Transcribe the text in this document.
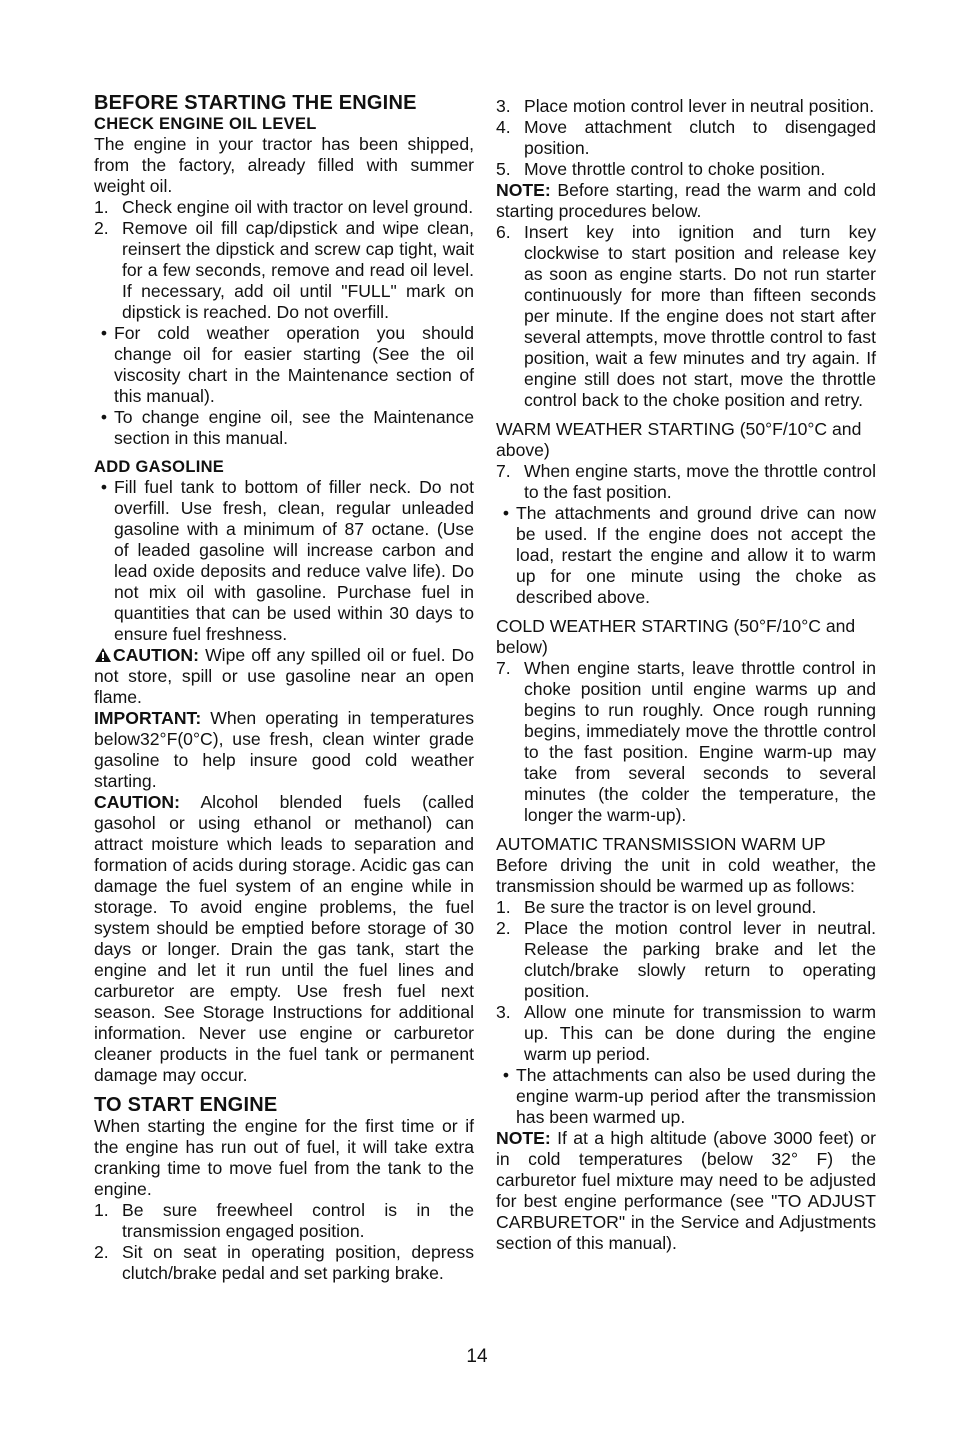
BEFORE STARTING THE ENGINE
CHECK ENGINE OIL LEVEL

The engine in your tractor has been shipped, from the factory, already filled with summer weight oil.

1. Check engine oil with tractor on level ground.
2. Remove oil fill cap/dipstick and wipe clean, reinsert the dipstick and screw cap tight, wait for a few seconds, remove and read oil level. If necessary, add oil until "FULL" mark on dipstick is reached. Do not overfill.
• For cold weather operation you should change oil for easier starting (See the oil viscosity chart in the Maintenance section of this manual).
• To change engine oil, see the Maintenance section in this manual.
ADD GASOLINE
• Fill fuel tank to bottom of filler neck. Do not overfill. Use fresh, clean, regular unleaded gasoline with a minimum of 87 octane. (Use of leaded gasoline will increase carbon and lead oxide deposits and reduce valve life). Do not mix oil with gasoline. Purchase fuel in quantities that can be used within 30 days to ensure fuel freshness.

CAUTION: Wipe off any spilled oil or fuel. Do not store, spill or use gasoline near an open flame.

IMPORTANT: When operating in temperatures below32°F(0°C), use fresh, clean winter grade gasoline to help insure good cold weather starting.

CAUTION: Alcohol blended fuels (called gasohol or using ethanol or methanol) can attract moisture which leads to separation and formation of acids during storage. Acidic gas can damage the fuel system of an engine while in storage. To avoid engine problems, the fuel system should be emptied before storage of 30 days or longer. Drain the gas tank, start the engine and let it run until the fuel lines and carburetor are empty. Use fresh fuel next season. See Storage Instructions for additional information. Never use engine or carburetor cleaner products in the fuel tank or permanent damage may occur.

TO START ENGINE

When starting the engine for the first time or if the engine has run out of fuel, it will take extra cranking time to move fuel from the tank to the engine.

1. Be sure freewheel control is in the transmission engaged position.
2. Sit on seat in operating position, depress clutch/brake pedal and set parking brake.
3. Place motion control lever in neutral position.
4. Move attachment clutch to disengaged position.
5. Move throttle control to choke position.

NOTE: Before starting, read the warm and cold starting procedures below.

6. Insert key into ignition and turn key clockwise to start position and release key as soon as engine starts. Do not run starter continuously for more than fifteen seconds per minute. If the engine does not start after several attempts, move throttle control to fast position, wait a few minutes and try again. If engine still does not start, move the throttle control back to the choke position and retry.
WARM WEATHER STARTING (50°F/10°C and above)
7. When engine starts, move the throttle control to the fast position.
• The attachments and ground drive can now be used. If the engine does not accept the load, restart the engine and allow it to warm up for one minute using the choke as described above.
COLD WEATHER STARTING (50°F/10°C and below)
7. When engine starts, leave throttle control in choke position until engine warms up and begins to run roughly. Once rough running begins, immediately move the throttle control to the fast position. Engine warm-up may take from several seconds to several minutes (the colder the temperature, the longer the warm-up).
AUTOMATIC TRANSMISSION WARM UP

Before driving the unit in cold weather, the transmission should be warmed up as follows:

1. Be sure the tractor is on level ground.
2. Place the motion control lever in neutral. Release the parking brake and let the clutch/brake slowly return to operating position.
3. Allow one minute for transmission to warm up. This can be done during the engine warm up period.
• The attachments can also be used during the engine warm-up period after the transmission has been warmed up.

NOTE: If at a high altitude (above 3000 feet) or in cold temperatures (below 32° F) the carburetor fuel mixture may need to be adjusted for best engine performance (see "TO ADJUST CARBURETOR" in the Service and Adjustments section of this manual).

14
